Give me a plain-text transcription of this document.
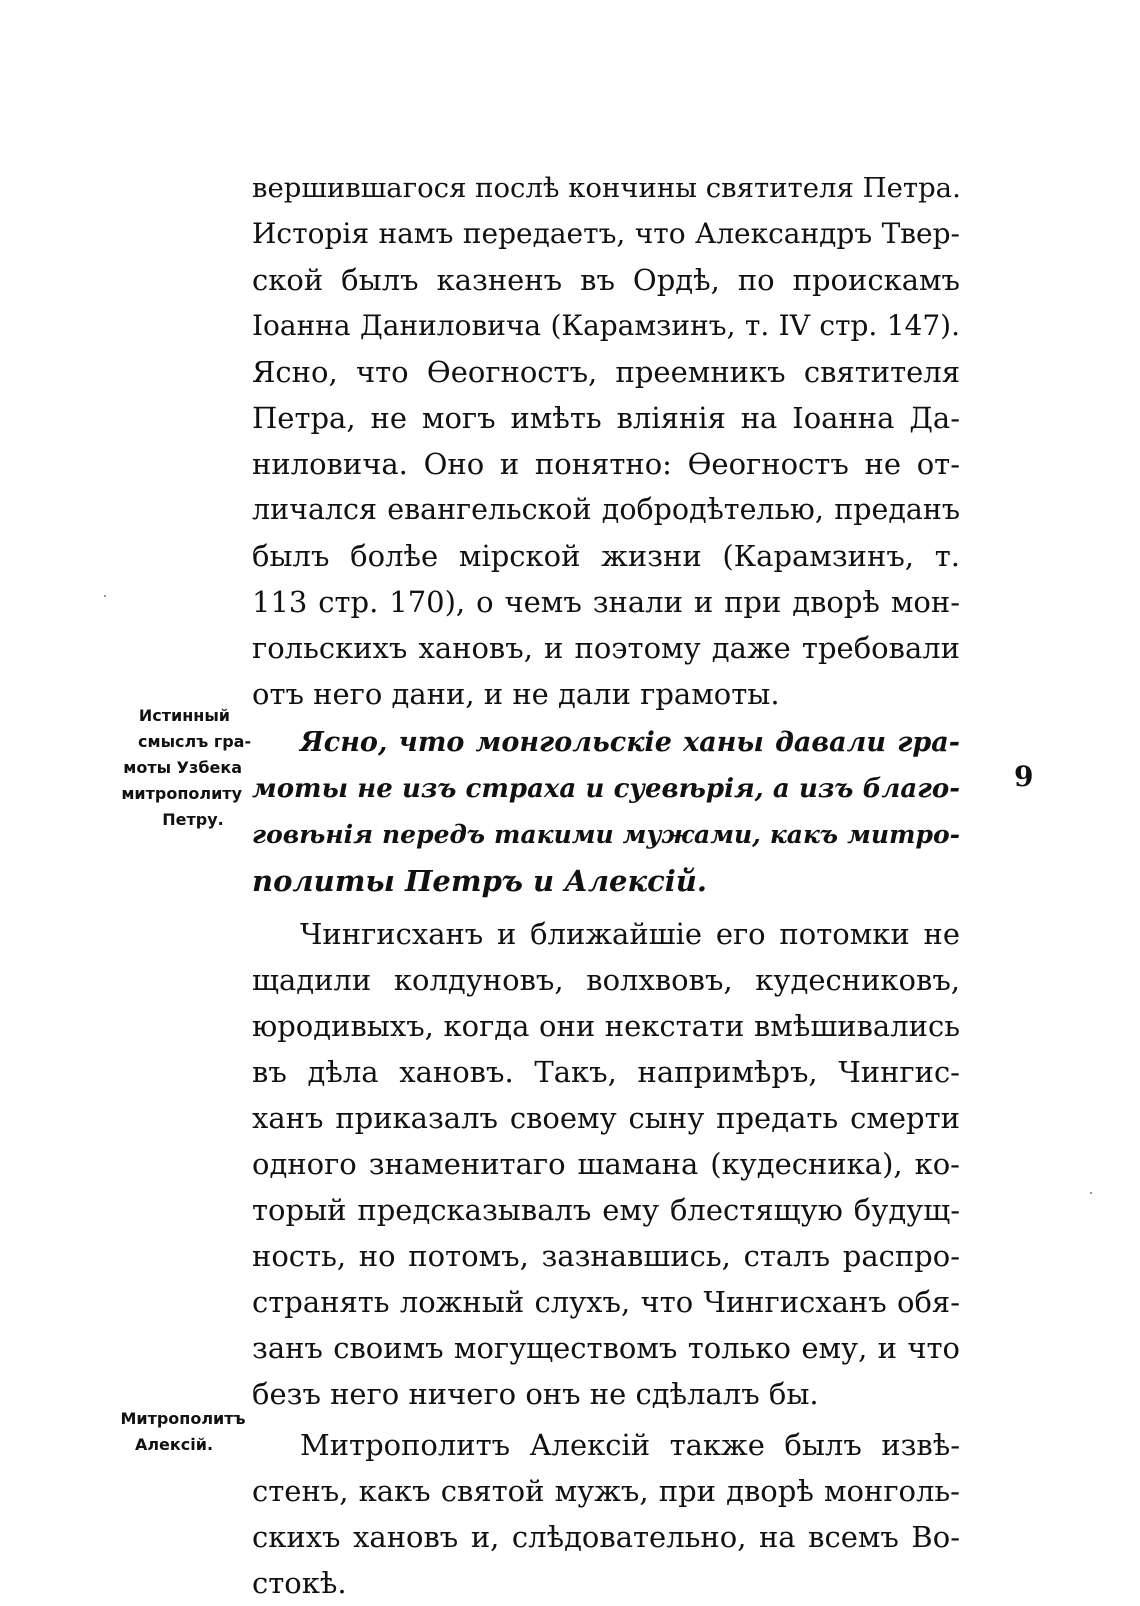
вершившагося послѣ кончины святителя Петра.
Исторія намъ передаетъ, что Александръ Твер-
ской былъ казненъ въ Ордѣ, по проискамъ
Іоанна Даниловича (Карамзинъ, т. IV стр. 147).
Ясно, что Ѳеогностъ, преемникъ святителя
Петра, не могъ имѣть вліянія на Іоанна Да-
ниловича. Оно и понятно: Ѳеогностъ не от-
личался евангельской добродѣтелью, преданъ
былъ болѣе мірской жизни (Карамзинъ, т.
113 стр. 170), о чемъ знали и при дворѣ мон-
гольскихъ хановъ, и поэтому даже требовали
отъ него дани, и не дали грамоты.
Истинный
смыслъ гра-
моты Узбека
митрополиту
Петру.
Ясно, что монгольскіе ханы давали гра-
моты не изъ страха и суевѣрія, а изъ благо-
говѣнія передъ такими мужами, какъ митро-
политы Петръ и Алексій.
9
Чингисханъ и ближайшіе его потомки не
щадили колдуновъ, волхвовъ, кудесниковъ,
юродивыхъ, когда они некстати вмѣшивались
въ дѣла хановъ. Такъ, напримѣръ, Чингис-
ханъ приказалъ своему сыну предать смерти
одного знаменитаго шамана (кудесника), ко-
торый предсказывалъ ему блестящую будущ-
ность, но потомъ, зазнавшись, сталъ распро-
странять ложный слухъ, что Чингисханъ обя-
занъ своимъ могуществомъ только ему, и что
безъ него ничего онъ не сдѣлалъ бы.
Митрополитъ
Алексій.	Митрополитъ Алексій также былъ извѣ-
стенъ, какъ святой мужъ, при дворѣ монголь-
скихъ хановъ и, слѣдовательно, на всемъ Во-
стокѣ.
